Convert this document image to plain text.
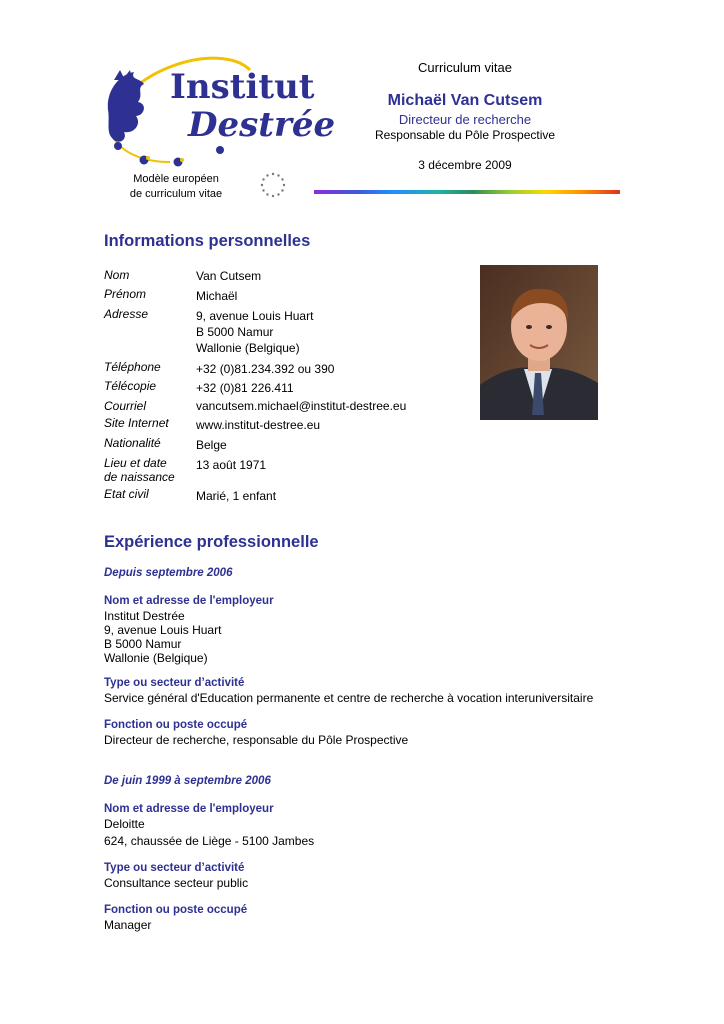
Institut
Destrée
Modèle européen
de curriculum vitae
Curriculum vitae
Michaël Van Cutsem
Directeur de recherche
Responsable du Pôle Prospective
3 décembre 2009
Informations personnelles
Nom	Van Cutsem
Prénom	Michaël
Adresse	9, avenue Louis Huart
B 5000 Namur
Wallonie (Belgique)
Téléphone	+32 (0)81.234.392 ou 390
Télécopie	+32 (0)81 226.411
Courriel	vancutsem.michael@institut-destree.eu
Site Internet	www.institut-destree.eu
Nationalité	Belge
Lieu et date
de naissance
13 août 1971
Etat civil	Marié, 1 enfant
Expérience professionnelle
Depuis septembre 2006
Nom et adresse de l'employeur
Institut Destrée
9, avenue Louis Huart
B 5000 Namur
Wallonie (Belgique)
Type ou secteur d’activité
Service général d'Education permanente et centre de recherche à vocation interuniversitaire
Fonction ou poste occupé
Directeur de recherche, responsable du Pôle Prospective
De juin 1999 à septembre 2006
Nom et adresse de l'employeur
Deloitte
624, chaussée de Liège - 5100 Jambes
Type ou secteur d’activité
Consultance secteur public
Fonction ou poste occupé
Manager
